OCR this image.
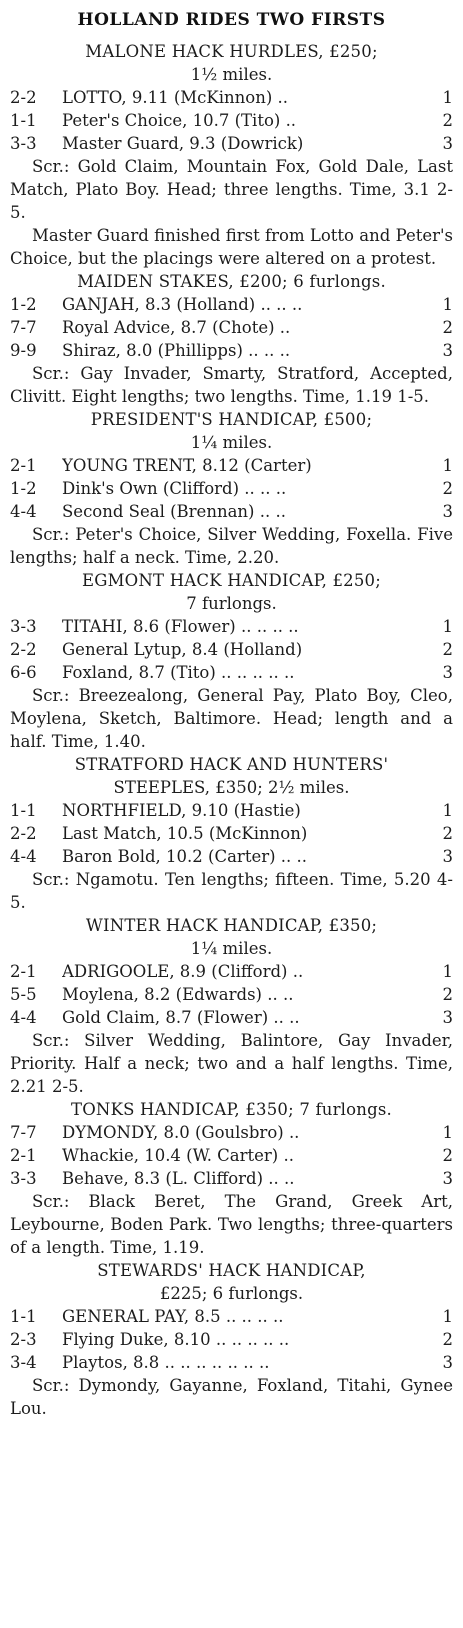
HOLLAND RIDES TWO FIRSTS
MALONE HACK HURDLES, £250;
1½ miles.
2-2	LOTTO, 9.11 (McKinnon) ..	1
1-1	Peter's Choice, 10.7 (Tito) ..	2
3-3	Master Guard, 9.3 (Dowrick)	3

Scr.: Gold Claim, Mountain Fox, Gold Dale, Last Match, Plato Boy. Head; three lengths. Time, 3.1 2-5.

Master Guard finished first from Lotto and Peter's Choice, but the placings were altered on a protest.

MAIDEN STAKES, £200; 6 furlongs.
1-2	GANJAH, 8.3 (Holland) .. .. ..	1
7-7	Royal Advice, 8.7 (Chote) ..	2
9-9	Shiraz, 8.0 (Phillipps) .. .. ..	3

Scr.: Gay Invader, Smarty, Stratford, Accepted, Clivitt. Eight lengths; two lengths. Time, 1.19 1-5.

PRESIDENT'S HANDICAP, £500;
1¼ miles.
2-1	YOUNG TRENT, 8.12 (Carter)	1
1-2	Dink's Own (Clifford) .. .. ..	2
4-4	Second Seal (Brennan) .. ..	3

Scr.: Peter's Choice, Silver Wedding, Foxella. Five lengths; half a neck. Time, 2.20.

EGMONT HACK HANDICAP, £250;
7 furlongs.
3-3	TITAHI, 8.6 (Flower) .. .. .. ..	1
2-2	General Lytup, 8.4 (Holland)	2
6-6	Foxland, 8.7 (Tito) .. .. .. .. ..	3

Scr.: Breezealong, General Pay, Plato Boy, Cleo, Moylena, Sketch, Baltimore. Head; length and a half. Time, 1.40.

STRATFORD HACK AND HUNTERS'
STEEPLES, £350; 2½ miles.
1-1	NORTHFIELD, 9.10 (Hastie)	1
2-2	Last Match, 10.5 (McKinnon)	2
4-4	Baron Bold, 10.2 (Carter) .. ..	3

Scr.: Ngamotu. Ten lengths; fifteen. Time, 5.20 4-5.

WINTER HACK HANDICAP, £350;
1¼ miles.
2-1	ADRIGOOLE, 8.9 (Clifford) ..	1
5-5	Moylena, 8.2 (Edwards) .. ..	2
4-4	Gold Claim, 8.7 (Flower) .. ..	3

Scr.: Silver Wedding, Balintore, Gay Invader, Priority. Half a neck; two and a half lengths. Time, 2.21 2-5.

TONKS HANDICAP, £350; 7 furlongs.
7-7	DYMONDY, 8.0 (Goulsbro) ..	1
2-1	Whackie, 10.4 (W. Carter) ..	2
3-3	Behave, 8.3 (L. Clifford) .. ..	3

Scr.: Black Beret, The Grand, Greek Art, Leybourne, Boden Park. Two lengths; three-quarters of a length. Time, 1.19.

STEWARDS' HACK HANDICAP,
£225; 6 furlongs.
1-1	GENERAL PAY, 8.5 .. .. .. ..	1
2-3	Flying Duke, 8.10 .. .. .. .. ..	2
3-4	Playtos, 8.8 .. .. .. .. .. .. ..	3

Scr.: Dymondy, Gayanne, Foxland, Titahi, Gynee Lou.
